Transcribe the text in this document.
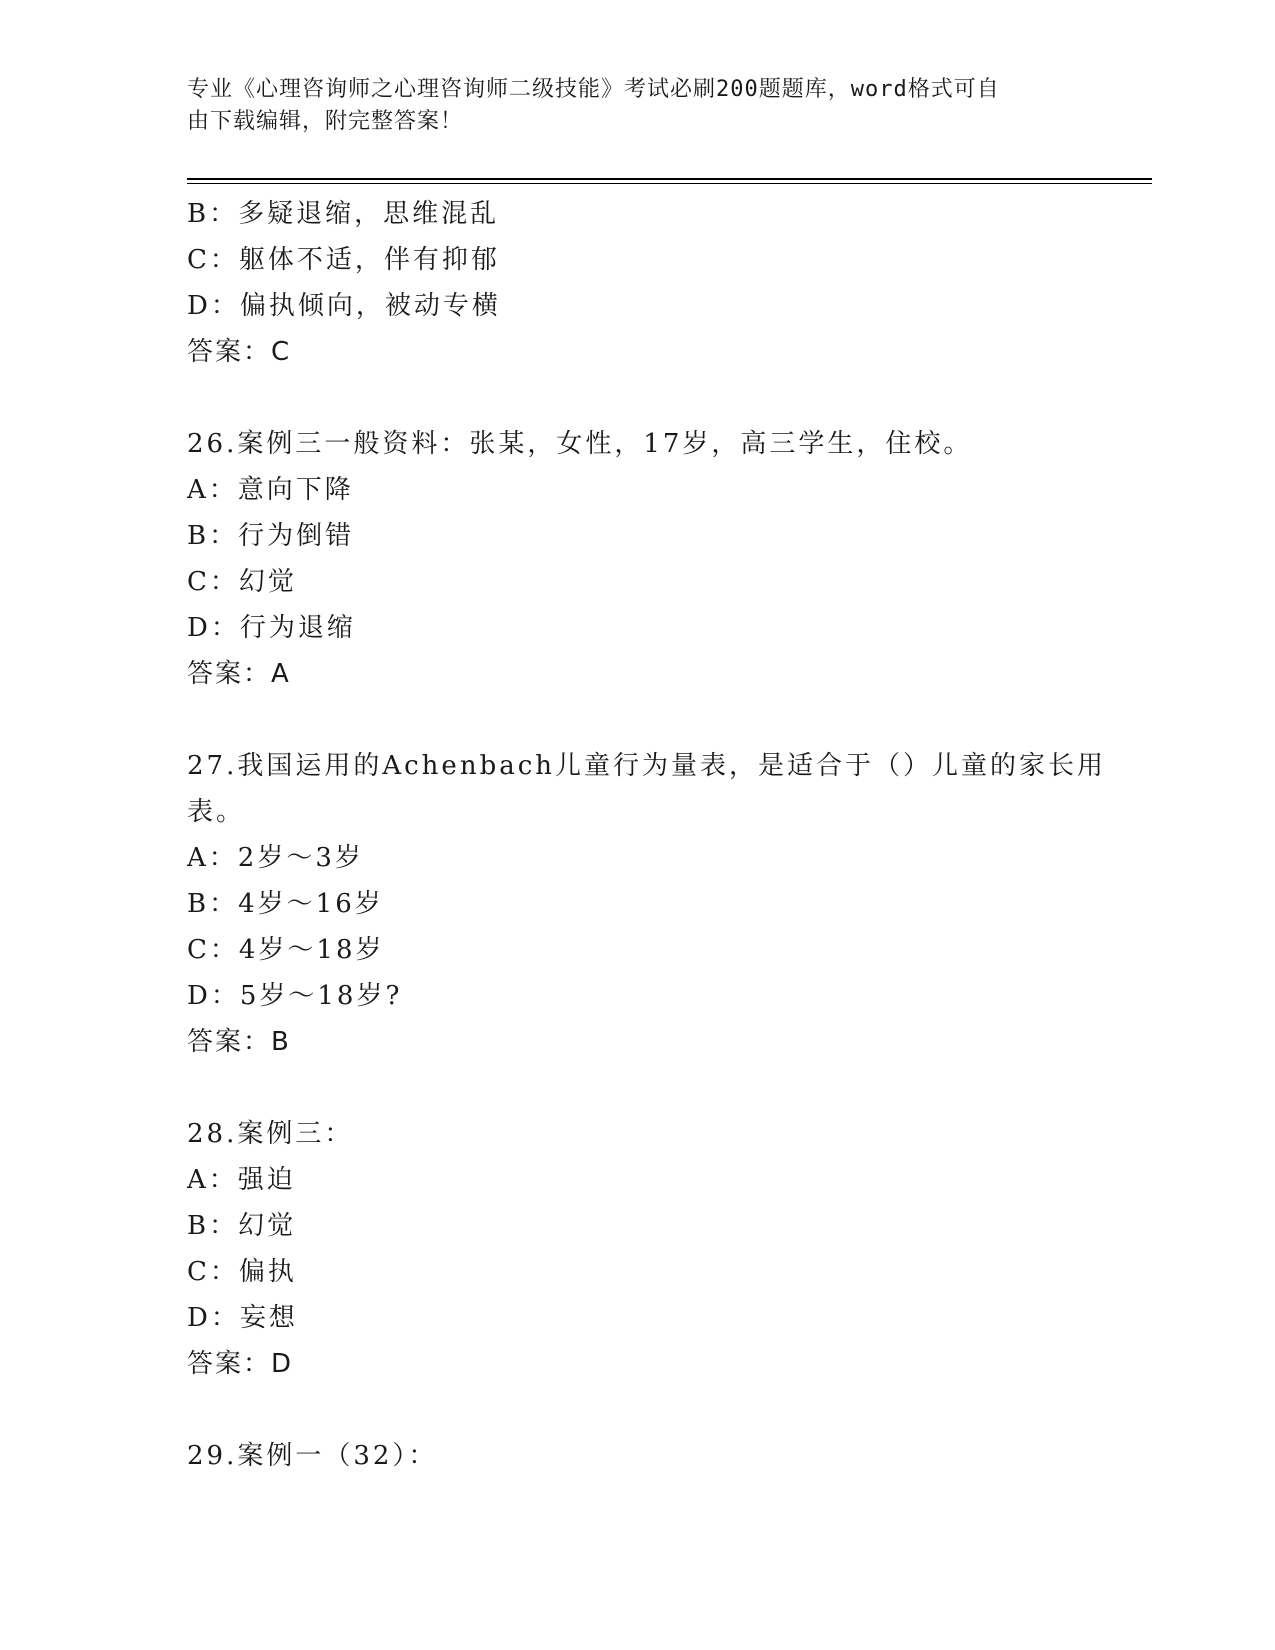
专业《心理咨询师之心理咨询师二级技能》考试必刷200题题库，word格式可自

由下载编辑，附完整答案！

B：多疑退缩，思维混乱

C：躯体不适，伴有抑郁

D：偏执倾向，被动专横

答案：C

26.案例三一般资料：张某，女性，17岁，高三学生，住校。

A：意向下降

B：行为倒错

C：幻觉

D：行为退缩

答案：A

27.我国运用的Achenbach儿童行为量表，是适合于（）儿童的家长用

表。

A：2岁～3岁

B：4岁～16岁

C：4岁～18岁

D：5岁～18岁?

答案：B

28.案例三：

A：强迫

B：幻觉

C：偏执

D：妄想

答案：D

29.案例一（32）：
